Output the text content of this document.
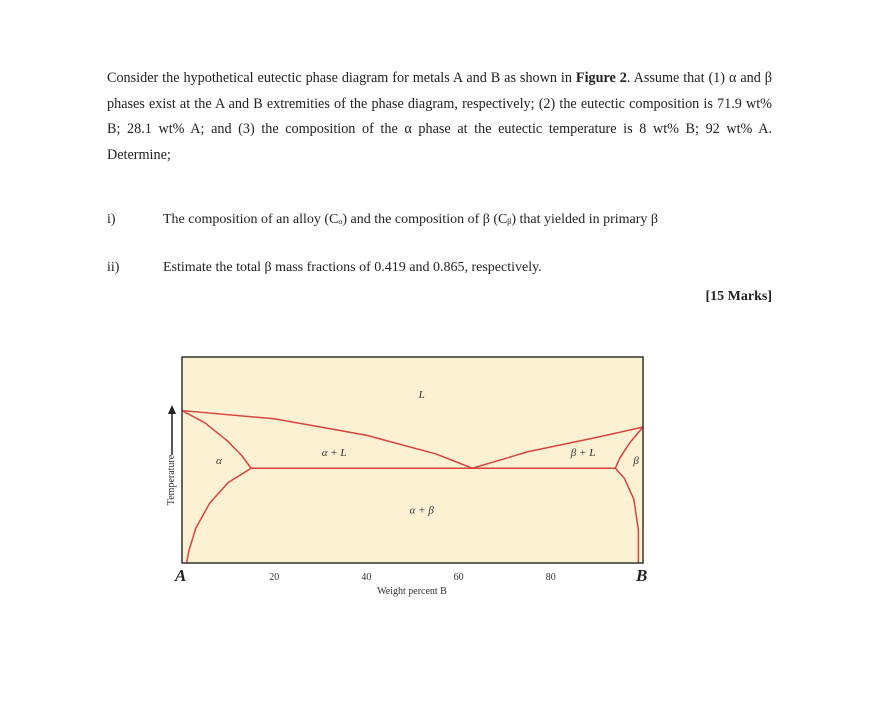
Consider the hypothetical eutectic phase diagram for metals A and B as shown in Figure 2. Assume that (1) α and β phases exist at the A and B extremities of the phase diagram, respectively; (2) the eutectic composition is 71.9 wt% B; 28.1 wt% A; and (3) the composition of the α phase at the eutectic temperature is 8 wt% B; 92 wt% A. Determine;
i)	The composition of an alloy (Cₒ) and the composition of β (Cᵦ) that yielded in primary β
ii)	Estimate the total β mass fractions of 0.419 and 0.865, respectively.
[15 Marks]
L
α + L	β + L
α	β
α + β
20	40	60	80
A	B
Weight percent B
Temperature
